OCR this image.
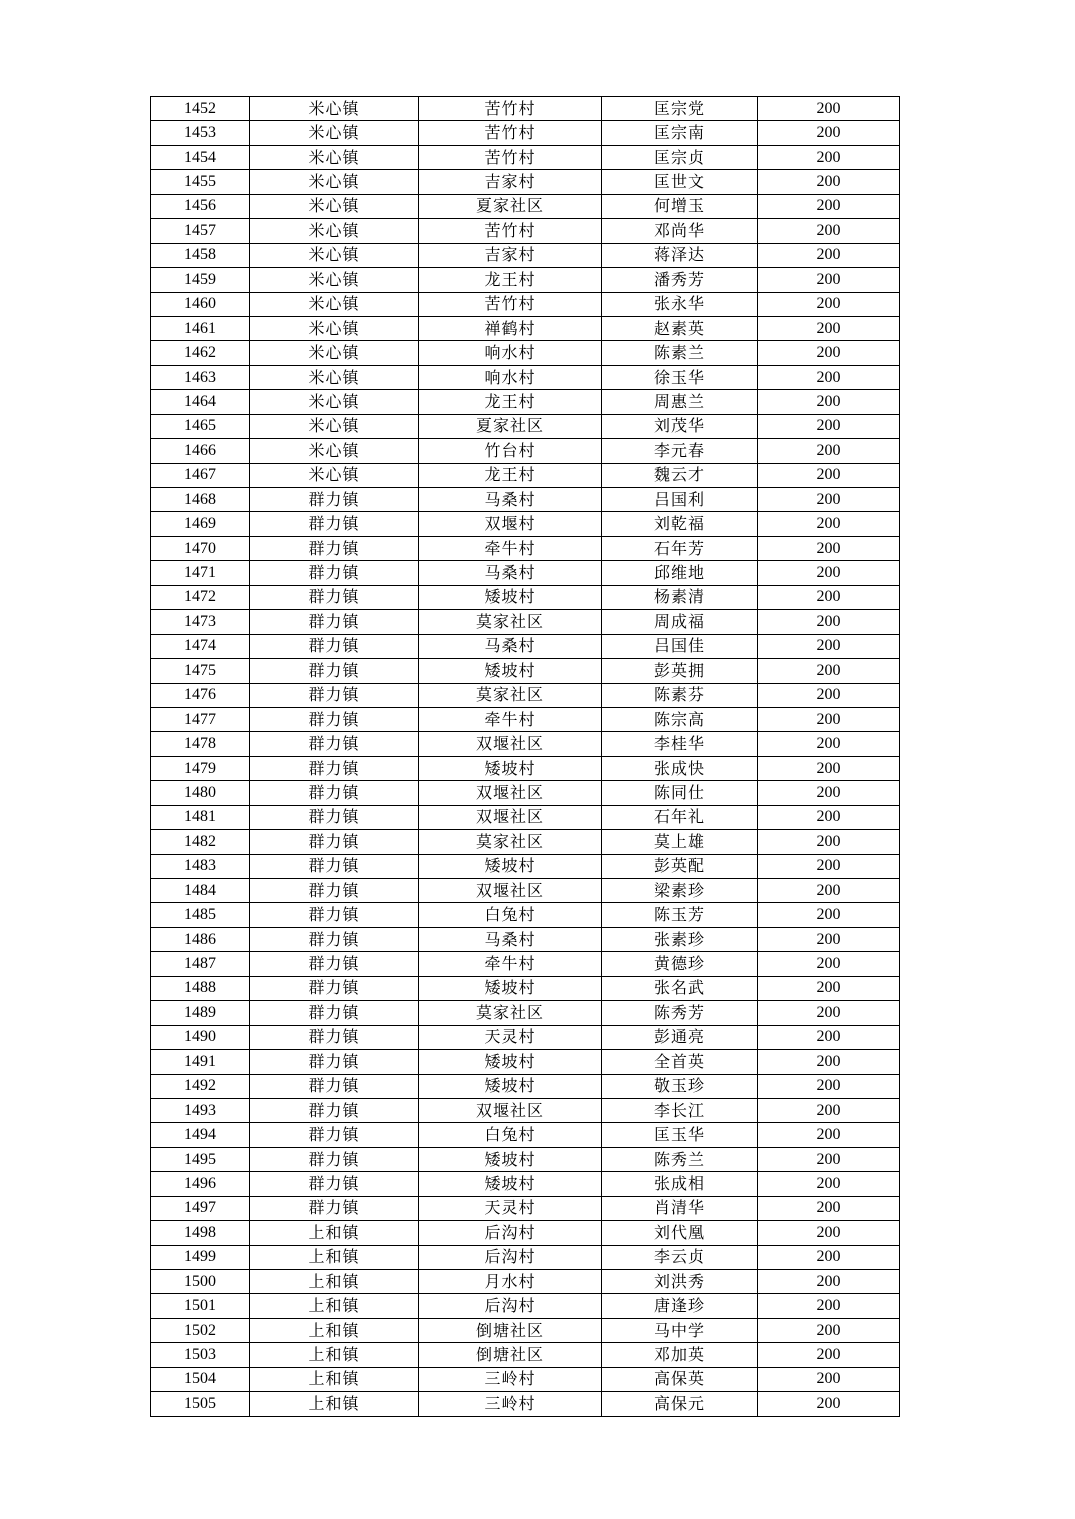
1452	米心镇	苦竹村	匡宗党	200
1453	米心镇	苦竹村	匡宗南	200
1454	米心镇	苦竹村	匡宗贞	200
1455	米心镇	吉家村	匡世文	200
1456	米心镇	夏家社区	何增玉	200
1457	米心镇	苦竹村	邓尚华	200
1458	米心镇	吉家村	蒋泽达	200
1459	米心镇	龙王村	潘秀芳	200
1460	米心镇	苦竹村	张永华	200
1461	米心镇	禅鹤村	赵素英	200
1462	米心镇	响水村	陈素兰	200
1463	米心镇	响水村	徐玉华	200
1464	米心镇	龙王村	周惠兰	200
1465	米心镇	夏家社区	刘茂华	200
1466	米心镇	竹台村	李元春	200
1467	米心镇	龙王村	魏云才	200
1468	群力镇	马桑村	吕国利	200
1469	群力镇	双堰村	刘乾福	200
1470	群力镇	牵牛村	石年芳	200
1471	群力镇	马桑村	邱维地	200
1472	群力镇	矮坡村	杨素清	200
1473	群力镇	莫家社区	周成福	200
1474	群力镇	马桑村	吕国佳	200
1475	群力镇	矮坡村	彭英拥	200
1476	群力镇	莫家社区	陈素芬	200
1477	群力镇	牵牛村	陈宗高	200
1478	群力镇	双堰社区	李桂华	200
1479	群力镇	矮坡村	张成快	200
1480	群力镇	双堰社区	陈同仕	200
1481	群力镇	双堰社区	石年礼	200
1482	群力镇	莫家社区	莫上雄	200
1483	群力镇	矮坡村	彭英配	200
1484	群力镇	双堰社区	梁素珍	200
1485	群力镇	白兔村	陈玉芳	200
1486	群力镇	马桑村	张素珍	200
1487	群力镇	牵牛村	黄德珍	200
1488	群力镇	矮坡村	张名武	200
1489	群力镇	莫家社区	陈秀芳	200
1490	群力镇	天灵村	彭通亮	200
1491	群力镇	矮坡村	全首英	200
1492	群力镇	矮坡村	敬玉珍	200
1493	群力镇	双堰社区	李长江	200
1494	群力镇	白兔村	匡玉华	200
1495	群力镇	矮坡村	陈秀兰	200
1496	群力镇	矮坡村	张成相	200
1497	群力镇	天灵村	肖清华	200
1498	上和镇	后沟村	刘代凰	200
1499	上和镇	后沟村	李云贞	200
1500	上和镇	月水村	刘洪秀	200
1501	上和镇	后沟村	唐逢珍	200
1502	上和镇	倒塘社区	马中学	200
1503	上和镇	倒塘社区	邓加英	200
1504	上和镇	三岭村	高保英	200
1505	上和镇	三岭村	高保元	200
